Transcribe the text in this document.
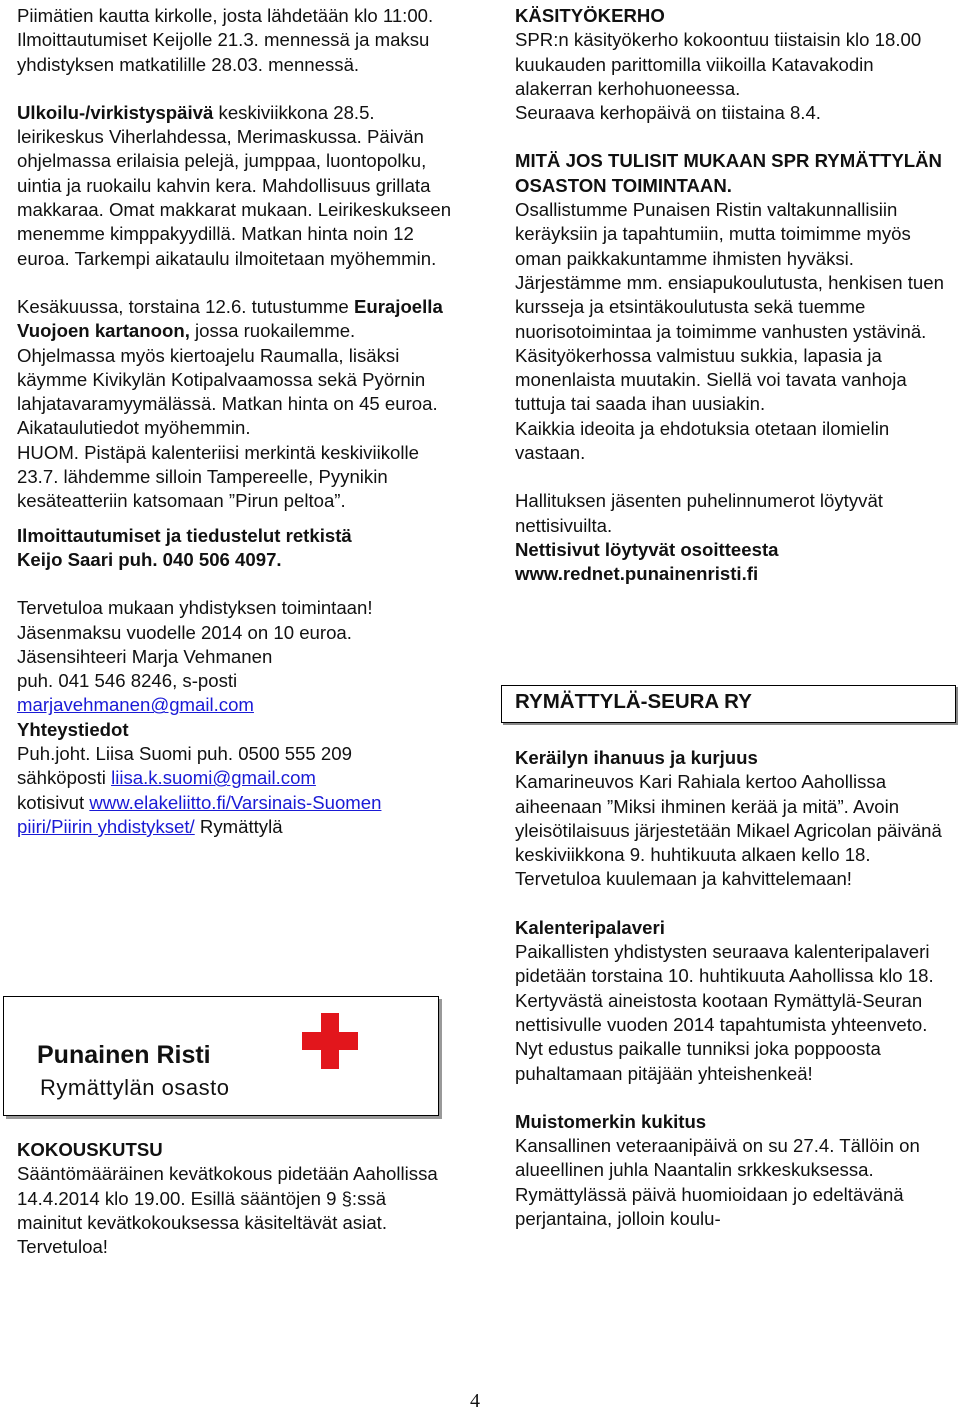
Piimätien kautta kirkolle, josta lähdetään klo 11:00. Ilmoittautumiset Keijolle 21.3. mennessä ja maksu yhdistyksen matkatilille 28.03. mennessä.

Ulkoilu-/virkistyspäivä keskiviikkona 28.5. leirikeskus Viherlahdessa, Merimaskussa. Päivän ohjelmassa erilaisia pelejä, jumppaa, luontopolku, uintia ja ruokailu kahvin kera. Mahdollisuus grillata makkaraa. Omat makkarat mukaan. Leirikeskukseen menemme kimppakyydillä. Matkan hinta noin 12 euroa. Tarkempi aikataulu ilmoitetaan myöhemmin.

Kesäkuussa, torstaina 12.6. tutustumme Eurajoella Vuojoen kartanoon, jossa ruokailemme. Ohjelmassa myös kiertoajelu Raumalla, lisäksi käymme Kivikylän Kotipalvaamossa sekä Pyörnin lahjatavaramyymälässä. Matkan hinta on 45 euroa. Aikataulutiedot myöhemmin.

HUOM. Pistäpä kalenteriisi merkintä keskiviikolle 23.7. lähdemme silloin Tampereelle, Pyynikin kesäteatteriin katsomaan ”Pirun peltoa”.

Ilmoittautumiset ja tiedustelut retkistä

Keijo Saari puh. 040 506 4097.

Tervetuloa mukaan yhdistyksen toimintaan!

Jäsenmaksu vuodelle 2014 on 10 euroa.

Jäsensihteeri Marja Vehmanen

puh. 041 546 8246, s-posti

marjavehmanen@gmail.com

Yhteystiedot

Puh.joht. Liisa Suomi puh. 0500 555 209

sähköposti liisa.k.suomi@gmail.com

kotisivut www.elakeliitto.fi/Varsinais-Suomen

piiri/Piirin yhdistykset/ Rymättylä

Punainen Risti
Rymättylän osasto

KOKOUSKUTSU

Sääntömääräinen kevätkokous pidetään Aahollissa 14.4.2014 klo 19.00. Esillä sääntöjen 9 §:ssä mainitut kevätkokouksessa käsiteltävät asiat.

Tervetuloa!

KÄSITYÖKERHO

SPR:n käsityökerho kokoontuu tiistaisin klo 18.00 kuukauden parittomilla viikoilla Katavakodin alakerran kerhohuoneessa.

Seuraava kerhopäivä on tiistaina 8.4.

MITÄ JOS TULISIT MUKAAN SPR RYMÄTTYLÄN OSASTON TOIMINTAAN.

Osallistumme Punaisen Ristin valtakunnallisiin keräyksiin ja tapahtumiin, mutta toimimme myös oman paikkakuntamme ihmisten hyväksi.

Järjestämme mm. ensiapukoulutusta, henkisen tuen kursseja ja etsintäkoulutusta sekä tuemme nuorisotoimintaa ja toimimme vanhusten ystävinä.

Käsityökerhossa valmistuu sukkia, lapasia ja monenlaista muutakin. Siellä voi tavata vanhoja tuttuja tai saada ihan uusiakin.

Kaikkia ideoita ja ehdotuksia otetaan ilomielin vastaan.

Hallituksen jäsenten puhelinnumerot löytyvät nettisivuilta.

Nettisivut löytyvät osoitteesta

www.rednet.punainenristi.fi

RYMÄTTYLÄ-SEURA RY

Keräilyn ihanuus ja kurjuus

Kamarineuvos Kari Rahiala kertoo Aahollissa aiheenaan ”Miksi ihminen kerää ja mitä”. Avoin yleisötilaisuus järjestetään Mikael Agricolan päivänä keskiviikkona 9. huhtikuuta alkaen kello 18. Tervetuloa kuulemaan ja kahvittelemaan!

Kalenteripalaveri

Paikallisten yhdistysten seuraava kalenteripalaveri pidetään torstaina 10. huhtikuuta Aahollissa klo 18.

Kertyvästä aineistosta kootaan Rymättylä-Seuran nettisivulle vuoden 2014 tapahtumista yhteenveto. Nyt edustus paikalle tunniksi joka poppoosta puhaltamaan pitäjään yhteishenkeä!

Muistomerkin kukitus

Kansallinen veteraanipäivä on su 27.4. Tällöin on alueellinen juhla Naantalin srkkeskuksessa. Rymättylässä päivä huomioidaan jo edeltävänä perjantaina, jolloin koulu-

4
